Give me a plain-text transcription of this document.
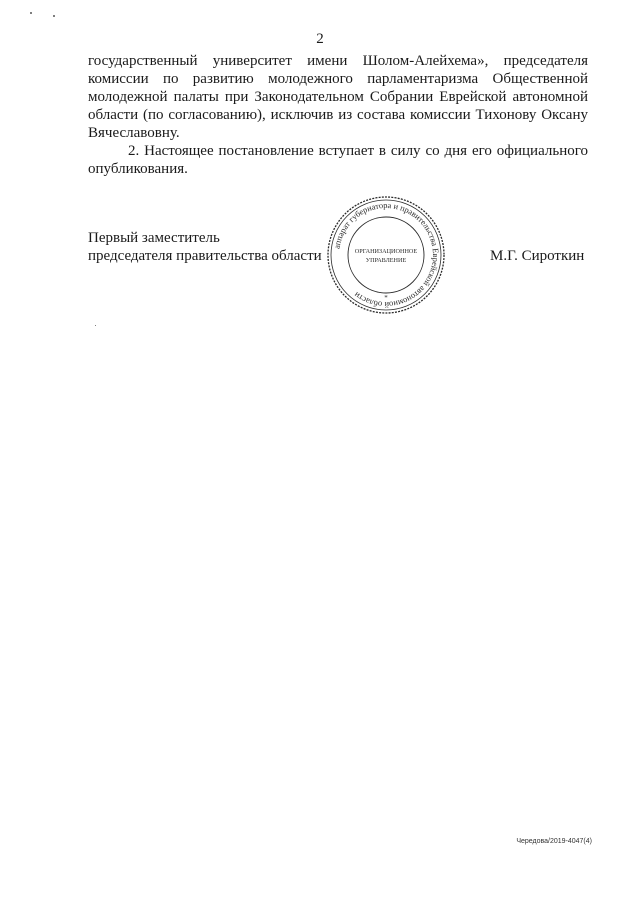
2

государственный университет имени Шолом-Алейхема», председателя комиссии по развитию молодежного парламентаризма Общественной молодежной палаты при Законодательном Собрании Еврейской автономной области (по согласованию), исключив из состава комиссии Тихонову Оксану Вячеславовну.

2. Настоящее постановление вступает в силу со дня его официального опубликования.

Первый заместитель
председателя правительства области	М.Г. Сироткин
аппарат губернатора и правительства Еврейской автономной области
ОРГАНИЗАЦИОННОЕ
УПРАВЛЕНИЕ
*
Чередова/2019-4047(4)
